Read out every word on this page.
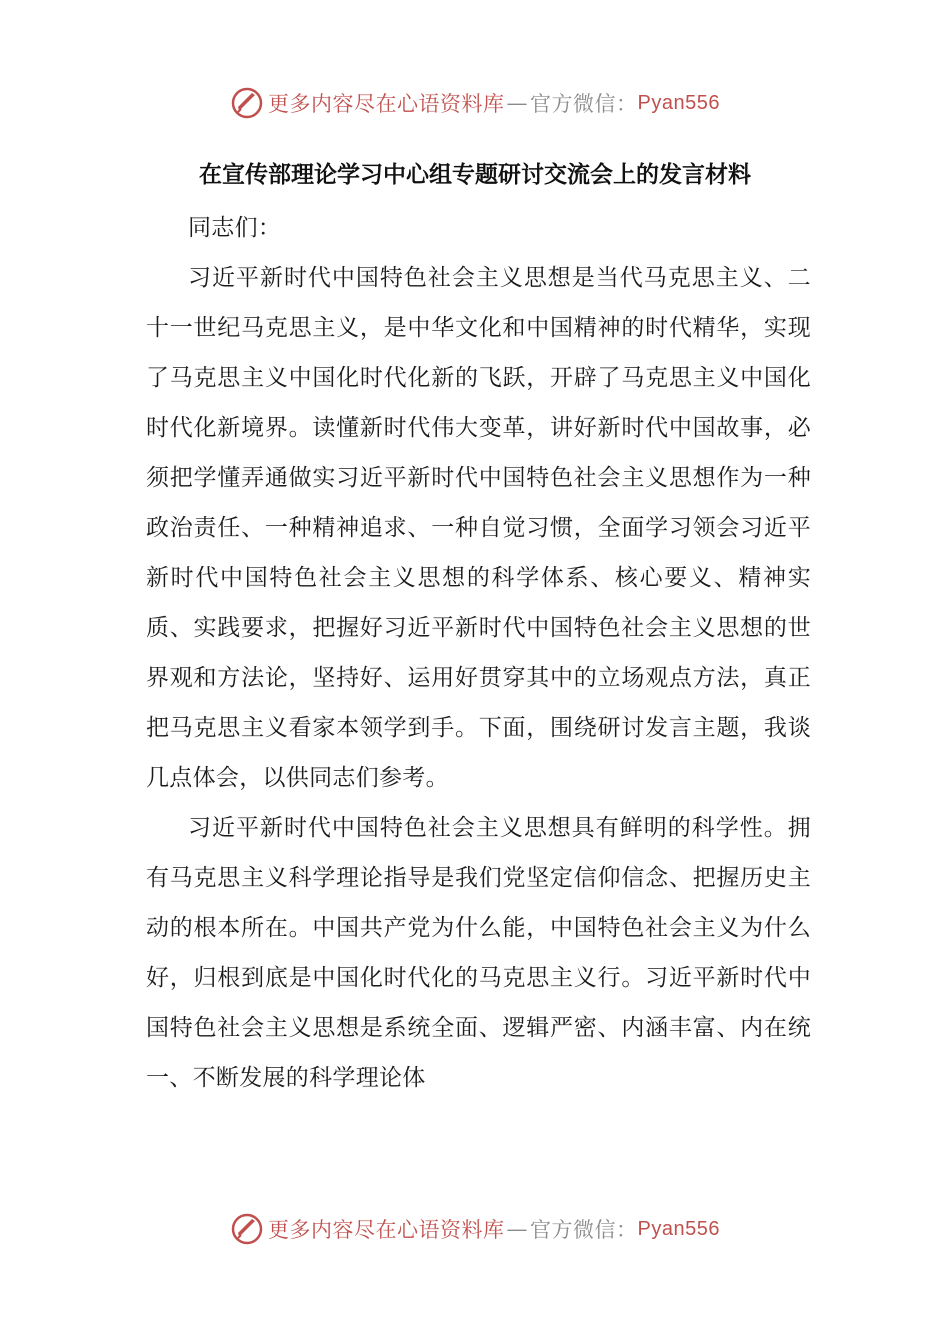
更多内容尽在心语资料库 — 官方微信： Pyan556
在宣传部理论学习中心组专题研讨交流会上的发言材料

同志们：

习近平新时代中国特色社会主义思想是当代马克思主义、二十一世纪马克思主义，是中华文化和中国精神的时代精华，实现了马克思主义中国化时代化新的飞跃，开辟了马克思主义中国化时代化新境界。读懂新时代伟大变革，讲好新时代中国故事，必须把学懂弄通做实习近平新时代中国特色社会主义思想作为一种政治责任、一种精神追求、一种自觉习惯，全面学习领会习近平新时代中国特色社会主义思想的科学体系、核心要义、精神实质、实践要求，把握好习近平新时代中国特色社会主义思想的世界观和方法论，坚持好、运用好贯穿其中的立场观点方法，真正把马克思主义看家本领学到手。下面，围绕研讨发言主题，我谈几点体会，以供同志们参考。

习近平新时代中国特色社会主义思想具有鲜明的科学性。拥有马克思主义科学理论指导是我们党坚定信仰信念、把握历史主动的根本所在。中国共产党为什么能，中国特色社会主义为什么好，归根到底是中国化时代化的马克思主义行。习近平新时代中国特色社会主义思想是系统全面、逻辑严密、内涵丰富、内在统一、不断发展的科学理论体

更多内容尽在心语资料库 — 官方微信： Pyan556
